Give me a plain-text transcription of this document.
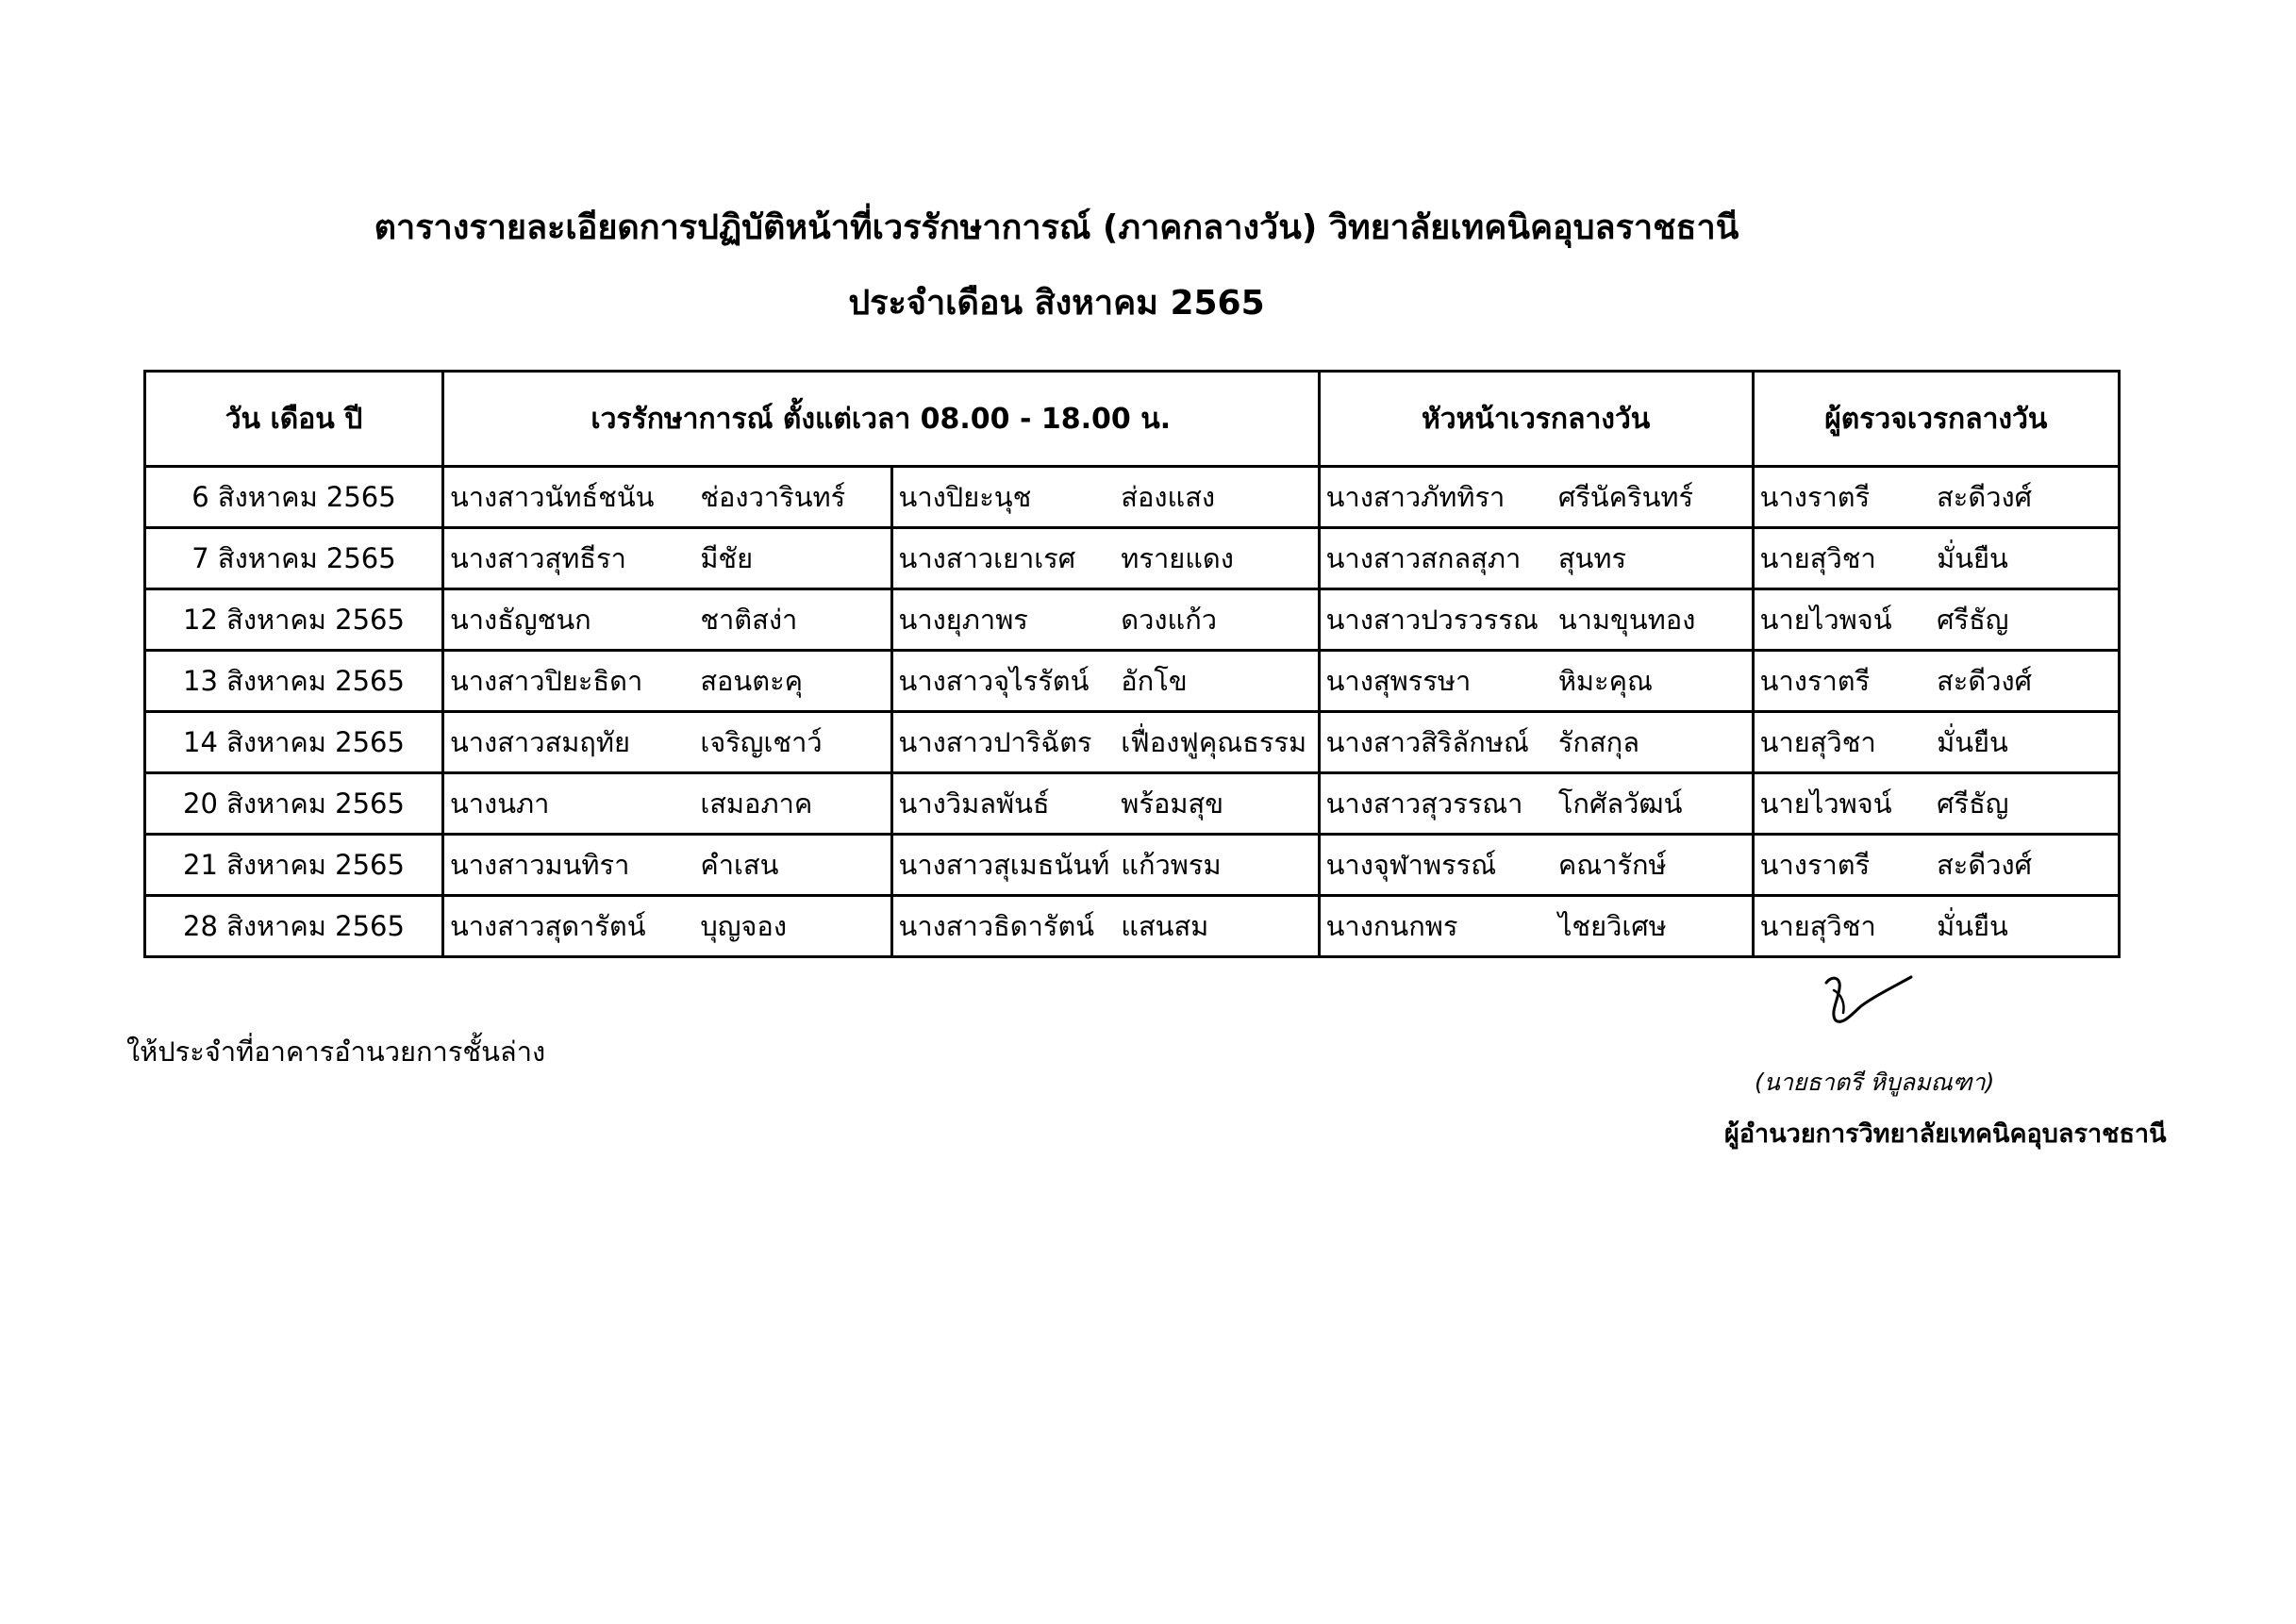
ตารางรายละเอียดการปฏิบัติหน้าที่เวรรักษาการณ์ (ภาคกลางวัน) วิทยาลัยเทคนิคอุบลราชธานี
ประจำเดือน สิงหาคม 2565
วัน เดือน ปี	เวรรักษาการณ์ ตั้งแต่เวลา 08.00 - 18.00 น.				หัวหน้าเวรกลางวัน		ผู้ตรวจเวรกลางวัน	
6 สิงหาคม 2565	นางสาวนัทธ์ชนัน	ช่องวารินทร์	นางปิยะนุช	ส่องแสง	นางสาวภัททิรา	ศรีนัครินทร์	นางราตรี	สะดีวงศ์
7 สิงหาคม 2565	นางสาวสุทธีรา	มีชัย	นางสาวเยาเรศ	ทรายแดง	นางสาวสกลสุภา	สุนทร	นายสุวิชา	มั่นยืน
12 สิงหาคม 2565	นางธัญชนก	ชาติสง่า	นางยุภาพร	ดวงแก้ว	นางสาวปวรวรรณ	นามขุนทอง	นายไวพจน์	ศรีธัญ
13 สิงหาคม 2565	นางสาวปิยะธิดา	สอนตะคุ	นางสาวจุไรรัตน์	อักโข	นางสุพรรษา	หิมะคุณ	นางราตรี	สะดีวงศ์
14 สิงหาคม 2565	นางสาวสมฤทัย	เจริญเชาว์	นางสาวปาริฉัตร	เฟื่องฟูคุณธรรม	นางสาวสิริลักษณ์	รักสกุล	นายสุวิชา	มั่นยืน
20 สิงหาคม 2565	นางนภา	เสมอภาค	นางวิมลพันธ์	พร้อมสุข	นางสาวสุวรรณา	โกศัลวัฒน์	นายไวพจน์	ศรีธัญ
21 สิงหาคม 2565	นางสาวมนทิรา	คำเสน	นางสาวสุเมธนันท์	แก้วพรม	นางจุฬาพรรณ์	คณารักษ์	นางราตรี	สะดีวงศ์
28 สิงหาคม 2565	นางสาวสุดารัตน์	บุญจอง	นางสาวธิดารัตน์	แสนสม	นางกนกพร	ไชยวิเศษ	นายสุวิชา	มั่นยืน
ให้ประจำที่อาคารอำนวยการชั้นล่าง
(นายธาตรี หิบูลมณฑา)
ผู้อำนวยการวิทยาลัยเทคนิคอุบลราชธานี
